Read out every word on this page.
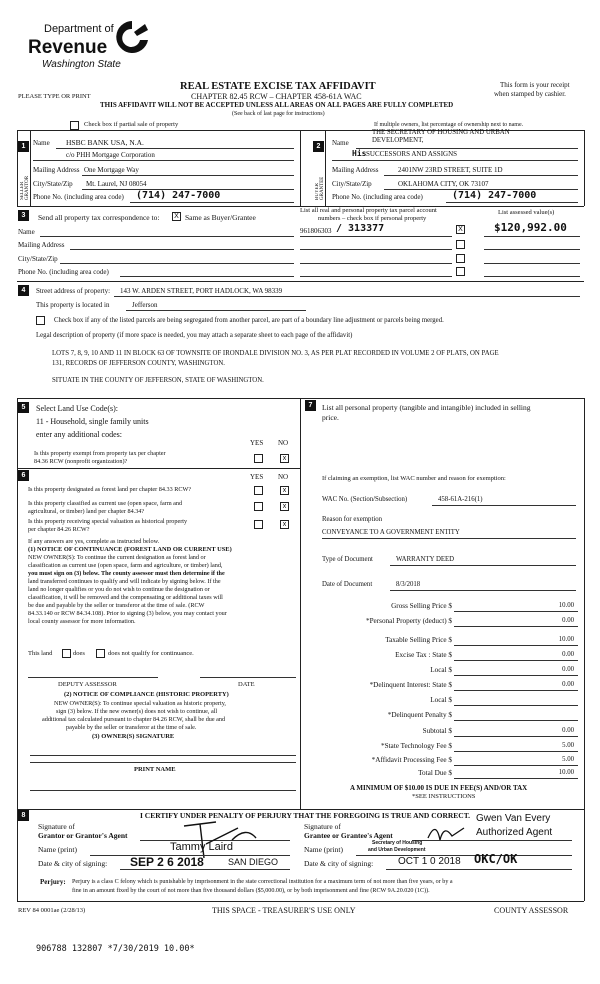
Department of
Revenue
Washington State
REAL ESTATE EXCISE TAX AFFIDAVIT
CHAPTER 82.45 RCW – CHAPTER 458-61A WAC
THIS AFFIDAVIT WILL NOT BE ACCEPTED UNLESS ALL AREAS ON ALL PAGES ARE FULLY COMPLETED
(See back of last page for instructions)
PLEASE TYPE OR PRINT
This form is your receipt
when stamped by cashier.
Check box if partial sale of property	If multiple owners, list percentage of ownership next to name.
1
SELLER GRANTOR
Name HSBC BANK USA, N.A.
c/o PHH Mortgage Corporation
Mailing Address One Mortgage Way
City/State/Zip Mt. Laurel, NJ 08054
Phone No. (including area code) (714) 247-7000
2
BUYER GRANTEE
Name
THE SECRETARY OF HOUSING AND URBAN DEVELOPMENT,
His SUCCESSORS AND ASSIGNS
Mailing Address	2401NW 23RD STREET, SUITE 1D
City/State/Zip	OKLAHOMA CITY, OK 73107
Phone No. (including area code)	(714) 247-7000
3	Send all property tax correspondence to:	X Same as Buyer/Grantee
List all real and personal property tax parcel account
numbers – check box if personal property
List assessed value(s)
Name
Mailing Address
City/State/Zip
Phone No. (including area code)
961806303 / 313377	X	$120,992.00
4	Street address of property: 143 W. ARDEN STREET, PORT HADLOCK, WA 98339
This property is located in	Jefferson
Check box if any of the listed parcels are being segregated from another parcel, are part of a boundary line adjustment or parcels being merged.
Legal description of property (if more space is needed, you may attach a separate sheet to each page of the affidavit)
LOTS 7, 8, 9, 10 AND 11 IN BLOCK 63 OF TOWNSITE OF IRONDALE DIVISION NO. 3, AS PER PLAT RECORDED IN VOLUME 2 OF PLATS, ON PAGE
131, RECORDS OF JEFFERSON COUNTY, WASHINGTON.
SITUATE IN THE COUNTY OF JEFFERSON, STATE OF WASHINGTON.
5	Select Land Use Code(s):
11 - Household, single family units
enter any additional codes:
YES NO
Is this property exempt from property tax per chapter
84.36 RCW (nonprofit organization)?	x
7	List all personal property (tangible and intangible) included in selling
price.
6	YES NO
Is this property designated as forest land per chapter 84.33 RCW?	x
Is this property classified as current use (open space, farm and
agricultural, or timber) land per chapter 84.34?
x
Is this property receiving special valuation as historical property
per chapter 84.26 RCW?
x
If any answers are yes, complete as instructed below.
(1) NOTICE OF CONTINUANCE (FOREST LAND OR CURRENT USE)
NEW OWNER(S): To continue the current designation as forest land or
classification as current use (open space, farm and agriculture, or timber) land,
you must sign on (3) below. The county assessor must then determine if the
land transferred continues to qualify and will indicate by signing below. If the
land no longer qualifies or you do not wish to continue the designation or
classification, it will be removed and the compensating or additional taxes will
be due and payable by the seller or transferor at the time of sale. (RCW
84.33.140 or RCW 84.34.108). Prior to signing (3) below, you may contact your
local county assessor for more information.
This land	does	does not qualify for continuance.
DEPUTY ASSESSOR	DATE
(2) NOTICE OF COMPLIANCE (HISTORIC PROPERTY)
NEW OWNER(S): To continue special valuation as historic property,
sign (3) below. If the new owner(s) does not wish to continue, all
additional tax calculated pursuant to chapter 84.26 RCW, shall be due and
payable by the seller or transferor at the time of sale.
(3) OWNER(S) SIGNATURE
PRINT NAME
If claiming an exemption, list WAC number and reason for exemption:
WAC No. (Section/Subsection)	458-61A-216(1)
Reason for exemption
CONVEYANCE TO A GOVERNMENT ENTITY
Type of Document	WARRANTY DEED
Date of Document	8/3/2018
Gross Selling Price $	10.00
*Personal Property (deduct) $	0.00
Taxable Selling Price $	10.00
Excise Tax : State $	0.00
Local $	0.00
*Delinquent Interest: State $	0.00
Local $
*Delinquent Penalty $
Subtotal $	0.00
*State Technology Fee $	5.00
*Affidavit Processing Fee $	5.00
Total Due $	10.00
A MINIMUM OF $10.00 IS DUE IN FEE(S) AND/OR TAX
*SEE INSTRUCTIONS
8	I CERTIFY UNDER PENALTY OF PERJURY THAT THE FOREGOING IS TRUE AND CORRECT.
Signature of
Grantor or Grantor's Agent
Name (print)	Tammy Laird
Date & city of signing: SEP 2 6 2018	SAN DIEGO
Signature of
Grantee or Grantee's Agent
Gwen Van Every
Authorized Agent
Name (print)
Secretary of Housing
and Urban Development
Date & city of signing: OCT 1 0 2018 OKC/OK
Perjury: Perjury is a class C felony which is punishable by imprisonment in the state correctional institution for a maximum term of not more than five years, or by a
fine in an amount fixed by the court of not more than five thousand dollars ($5,000.00), or by both imprisonment and fine (RCW 9A.20.020 (1C)).
REV 84 0001ae (2/28/13)	THIS SPACE - TREASURER'S USE ONLY	COUNTY ASSESSOR
906788 132807 *7/30/2019 10.00*
